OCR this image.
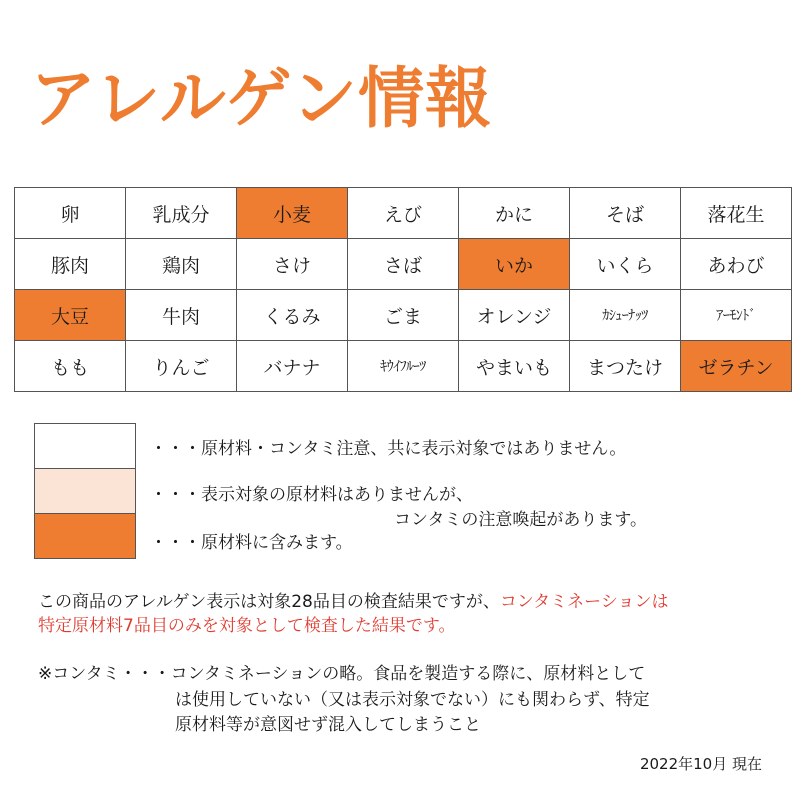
アレルゲン情報
卵	乳成分	小麦	えび	かに	そば	落花生
豚肉	鶏肉	さけ	さば	いか	いくら	あわび
大豆	牛肉	くるみ	ごま	オレンジ	ｶｼｭｰﾅｯﾂ	ｱｰﾓﾝﾄﾞ
もも	りんご	バナナ	ｷｳｲﾌﾙｰﾂ	やまいも	まつたけ	ゼラチン
・・・原材料・コンタミ注意、共に表示対象ではありません。
・・・表示対象の原材料はありませんが、
コンタミの注意喚起があります。
・・・原材料に含みます。
この商品のアレルゲン表示は対象28品目の検査結果ですが、コンタミネーションは
特定原材料7品目のみを対象として検査した結果です。
※コンタミ・・・コンタミネーションの略。食品を製造する際に、原材料として
は使用していない（又は表示対象でない）にも関わらず、特定
原材料等が意図せず混入してしまうこと
2022年10月 現在
